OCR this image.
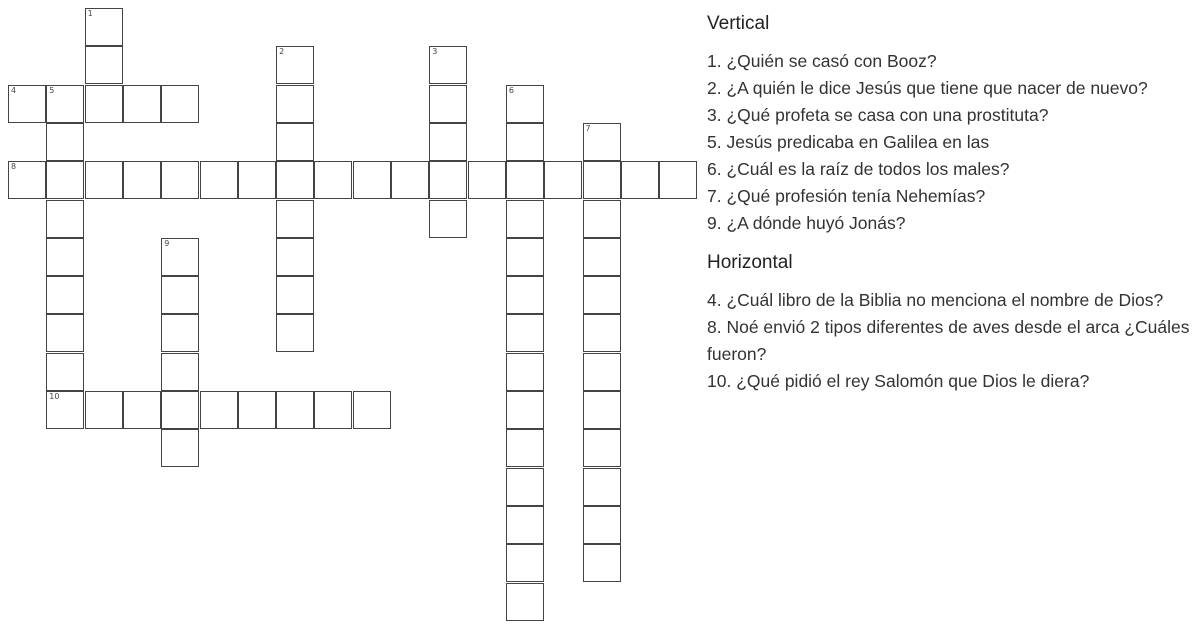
1
2	3
4	5	6
7
8
9
10
Vertical
1. ¿Quién se casó con Booz?
2. ¿A quién le dice Jesús que tiene que nacer de nuevo?
3. ¿Qué profeta se casa con una prostituta?
5. Jesús predicaba en Galilea en las
6. ¿Cuál es la raíz de todos los males?
7. ¿Qué profesión tenía Nehemías?
9. ¿A dónde huyó Jonás?
Horizontal
4. ¿Cuál libro de la Biblia no menciona el nombre de Dios?
8. Noé envió 2 tipos diferentes de aves desde el arca ¿Cuáles fueron?
10. ¿Qué pidió el rey Salomón que Dios le diera?
